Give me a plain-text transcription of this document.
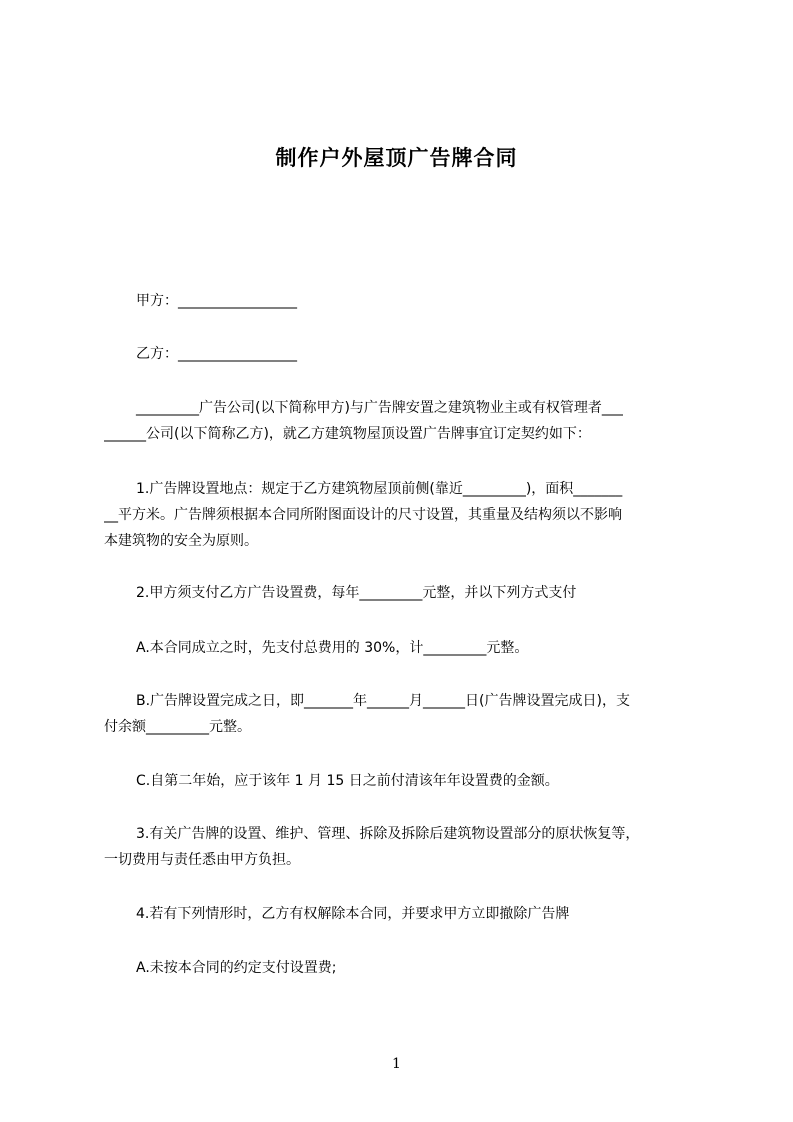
制作户外屋顶广告牌合同
甲方：_________________
乙方：_________________
_________广告公司(以下简称甲方)与广告牌安置之建筑物业主或有权管理者___
______公司(以下简称乙方)，就乙方建筑物屋顶设置广告牌事宜订定契约如下：
1.广告牌设置地点：规定于乙方建筑物屋顶前侧(靠近_________)，面积_______
__平方米。广告牌须根据本合同所附图面设计的尺寸设置，其重量及结构须以不影响
本建筑物的安全为原则。
2.甲方须支付乙方广告设置费，每年_________元整，并以下列方式支付
A.本合同成立之时，先支付总费用的 30%，计_________元整。
B.广告牌设置完成之日，即_______年______月______日(广告牌设置完成日)，支
付余额_________元整。
C.自第二年始，应于该年 1 月 15 日之前付清该年年设置费的金额。
3.有关广告牌的设置、维护、管理、拆除及拆除后建筑物设置部分的原状恢复等，
一切费用与责任悉由甲方负担。
4.若有下列情形时，乙方有权解除本合同，并要求甲方立即撤除广告牌
A.未按本合同的约定支付设置费;
1
